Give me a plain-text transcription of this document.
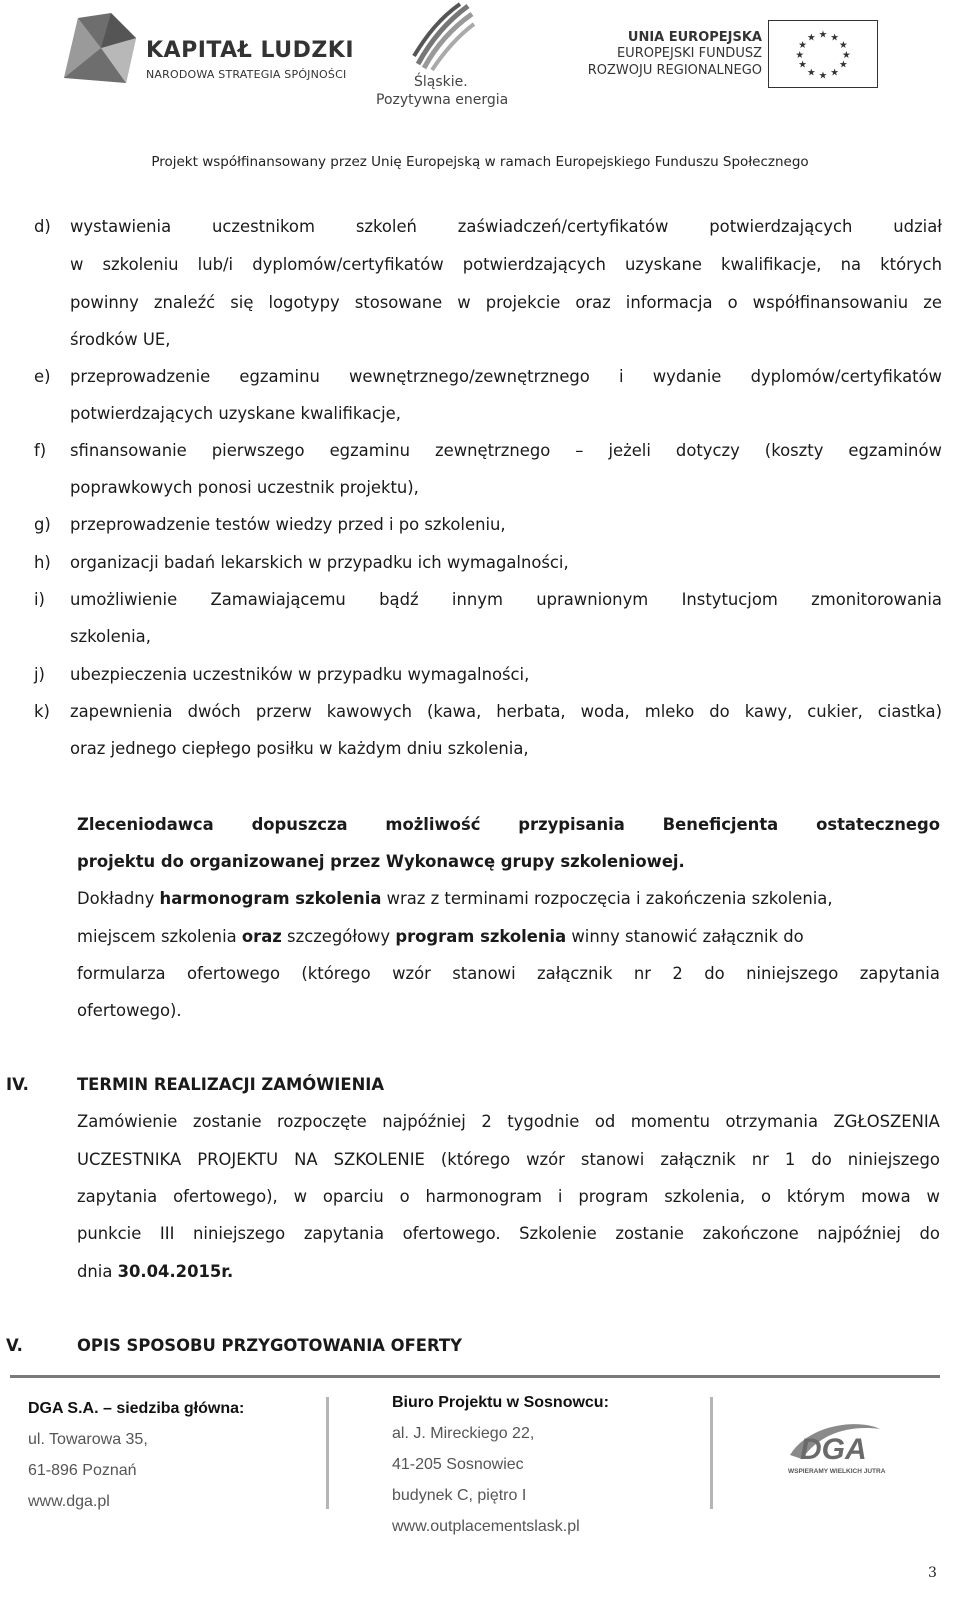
KAPITAŁ LUDZKI
NARODOWA STRATEGIA SPÓJNOŚCI	Śląskie.
Pozytywna energia
UNIA EUROPEJSKA
EUROPEJSKI FUNDUSZ
ROZWOJU REGIONALNEGO
★ ★
★
★
★
★
★
★
★
★
★
★
Projekt współfinansowany przez Unię Europejską w ramach Europejskiego Funduszu Społecznego
d) wystawienia uczestnikom szkoleń zaświadczeń/certyfikatów potwierdzających udział
w szkoleniu lub/i dyplomów/certyfikatów potwierdzających uzyskane kwalifikacje, na których
powinny znaleźć się logotypy stosowane w projekcie oraz informacja o współfinansowaniu ze
środków UE,
e) przeprowadzenie egzaminu wewnętrznego/zewnętrznego i wydanie dyplomów/certyfikatów
potwierdzających uzyskane kwalifikacje,
f) sfinansowanie pierwszego egzaminu zewnętrznego – jeżeli dotyczy (koszty egzaminów
poprawkowych ponosi uczestnik projektu),
g) przeprowadzenie testów wiedzy przed i po szkoleniu,
h) organizacji badań lekarskich w przypadku ich wymagalności,
i) umożliwienie Zamawiającemu bądź innym uprawnionym Instytucjom zmonitorowania
szkolenia,
j) ubezpieczenia uczestników w przypadku wymagalności,
k) zapewnienia dwóch przerw kawowych (kawa, herbata, woda, mleko do kawy, cukier, ciastka)
oraz jednego ciepłego posiłku w każdym dniu szkolenia,
Zleceniodawca dopuszcza możliwość przypisania Beneficjenta ostatecznego
projektu do organizowanej przez Wykonawcę grupy szkoleniowej.
Dokładny harmonogram szkolenia wraz z terminami rozpoczęcia i zakończenia szkolenia,
miejscem szkolenia oraz szczegółowy program szkolenia winny stanowić załącznik do
formularza ofertowego (którego wzór stanowi załącznik nr 2 do niniejszego zapytania
ofertowego).
IV.	TERMIN REALIZACJI ZAMÓWIENIA
Zamówienie zostanie rozpoczęte najpóźniej 2 tygodnie od momentu otrzymania ZGŁOSZENIA
UCZESTNIKA PROJEKTU NA SZKOLENIE (którego wzór stanowi załącznik nr 1 do niniejszego
zapytania ofertowego), w oparciu o harmonogram i program szkolenia, o którym mowa w
punkcie III niniejszego zapytania ofertowego. Szkolenie zostanie zakończone najpóźniej do
dnia 30.04.2015r.
V.	OPIS SPOSOBU PRZYGOTOWANIA OFERTY
DGA S.A. – siedziba główna:
ul. Towarowa 35,
61-896 Poznań
www.dga.pl
Biuro Projektu w Sosnowcu:
al. J. Mireckiego 22,
41-205 Sosnowiec
budynek C, piętro I
www.outplacementslask.pl
DGA
WSPIERAMY WIELKICH JUTRA
3
